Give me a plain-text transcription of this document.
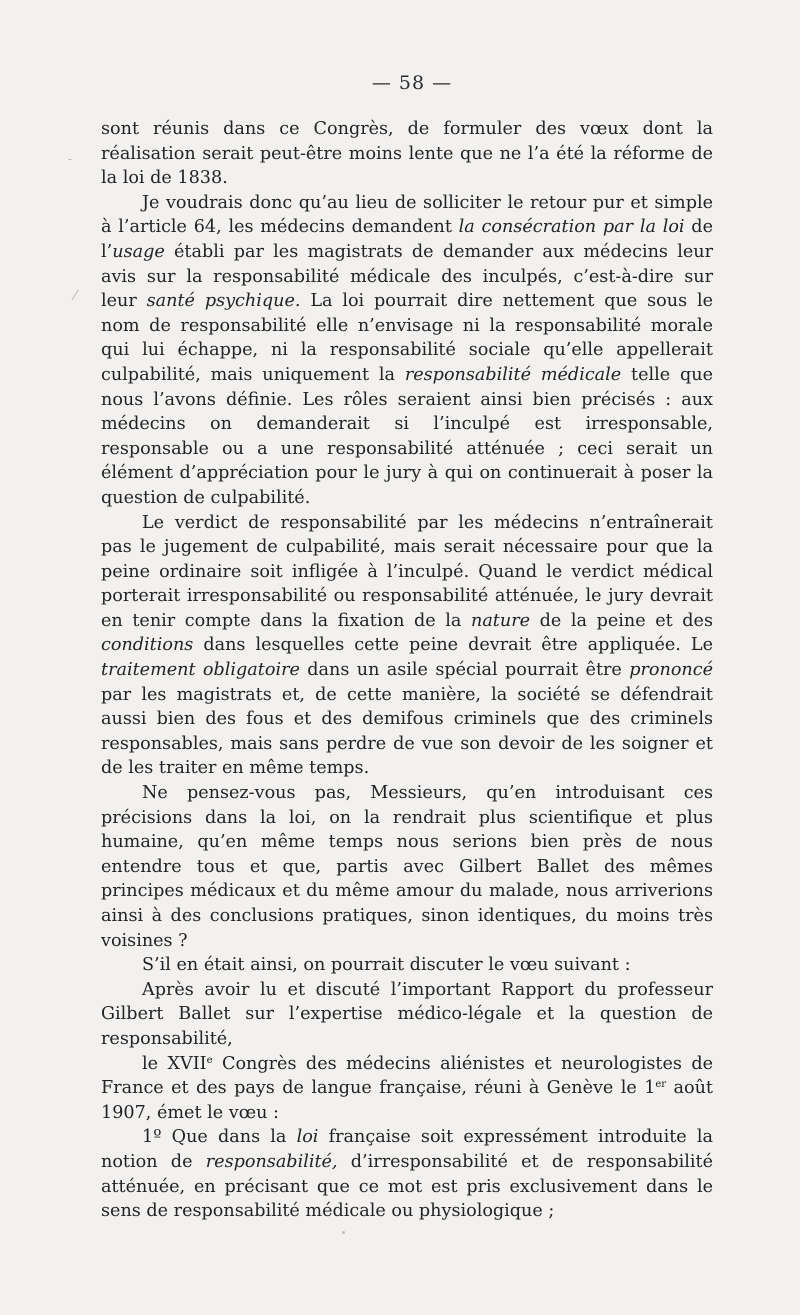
— 58 —
-
⁄

sont réunis dans ce Congrès, de formuler des vœux dont la réalisation serait peut-être moins lente que ne l’a été la réforme de la loi de 1838.

Je voudrais donc qu’au lieu de solliciter le retour pur et simple à l’article 64, les médecins demandent la consécration par la loi de l’usage établi par les magistrats de demander aux médecins leur avis sur la responsabilité médicale des inculpés, c’est-à-dire sur leur santé psychique. La loi pourrait dire nettement que sous le nom de responsabilité elle n’envisage ni la responsabilité morale qui lui échappe, ni la responsabilité sociale qu’elle appellerait culpabilité, mais uniquement la responsabilité médicale telle que nous l’avons définie. Les rôles seraient ainsi bien précisés : aux médecins on demanderait si l’inculpé est irresponsable, responsable ou a une responsabilité atténuée ; ceci serait un élément d’appréciation pour le jury à qui on continuerait à poser la question de culpabilité.

Le verdict de responsabilité par les médecins n’entraînerait pas le jugement de culpabilité, mais serait nécessaire pour que la peine ordinaire soit infligée à l’inculpé. Quand le verdict médical porterait irresponsabilité ou responsabilité atténuée, le jury devrait en tenir compte dans la fixation de la nature de la peine et des conditions dans lesquelles cette peine devrait être appliquée. Le traitement obligatoire dans un asile spécial pourrait être prononcé par les magistrats et, de cette manière, la société se défendrait aussi bien des fous et des demifous criminels que des criminels responsables, mais sans perdre de vue son devoir de les soigner et de les traiter en même temps.

Ne pensez-vous pas, Messieurs, qu’en introduisant ces précisions dans la loi, on la rendrait plus scientifique et plus humaine, qu’en même temps nous serions bien près de nous entendre tous et que, partis avec Gilbert Ballet des mêmes principes médicaux et du même amour du malade, nous arriverions ainsi à des conclusions pratiques, sinon identiques, du moins très voisines ?

S’il en était ainsi, on pourrait discuter le vœu suivant :

Après avoir lu et discuté l’important Rapport du professeur Gilbert Ballet sur l’expertise médico-légale et la question de responsabilité,

le XVIIe Congrès des médecins aliénistes et neurologistes de France et des pays de langue française, réuni à Genève le 1er août 1907, émet le vœu :

1º Que dans la loi française soit expressément introduite la notion de responsabilité, d’irresponsabilité et de responsabilité atténuée, en précisant que ce mot est pris exclusivement dans le sens de responsabilité médicale ou physiologique ;
